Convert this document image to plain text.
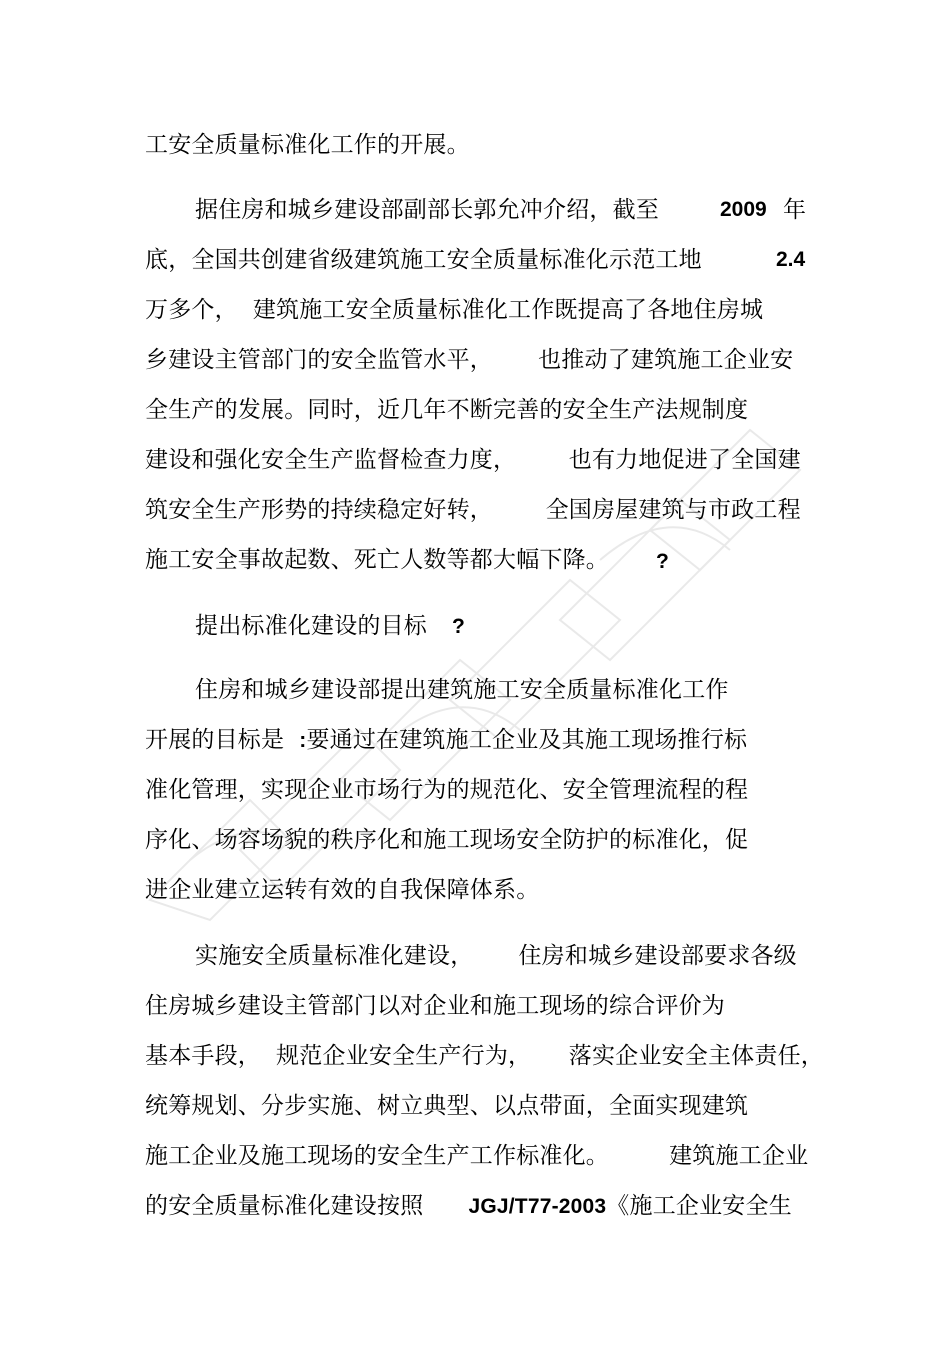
工安全质量标准化工作的开展。
据住房和城乡建设部副部长郭允冲介绍，截至	2009 年
底，全国共创建省级建筑施工安全质量标准化示范工地	2.4
万多个，  建筑施工安全质量标准化工作既提高了各地住房城
乡建设主管部门的安全监管水平，      也推动了建筑施工企业安
全生产的发展。同时，近几年不断完善的安全生产法规制度
建设和强化安全生产监督检查力度，       也有力地促进了全国建
筑安全生产形势的持续稳定好转，       全国房屋建筑与市政工程
施工安全事故起数、死亡人数等都大幅下降。 ?
提出标准化建设的目标 ?
住房和城乡建设部提出建筑施工安全质量标准化工作
开展的目标是  :要通过在建筑施工企业及其施工现场推行标
准化管理，实现企业市场行为的规范化、安全管理流程的程
序化、场容场貌的秩序化和施工现场安全防护的标准化，促
进企业建立运转有效的自我保障体系。
实施安全质量标准化建设，      住房和城乡建设部要求各级
住房城乡建设主管部门以对企业和施工现场的综合评价为
基本手段，  规范企业安全生产行为，     落实企业安全主体责任，
统筹规划、分步实施、树立典型、以点带面，全面实现建筑
施工企业及施工现场的安全生产工作标准化。        建筑施工企业
的安全质量标准化建设按照      JGJ/T77-2003《施工企业安全生
